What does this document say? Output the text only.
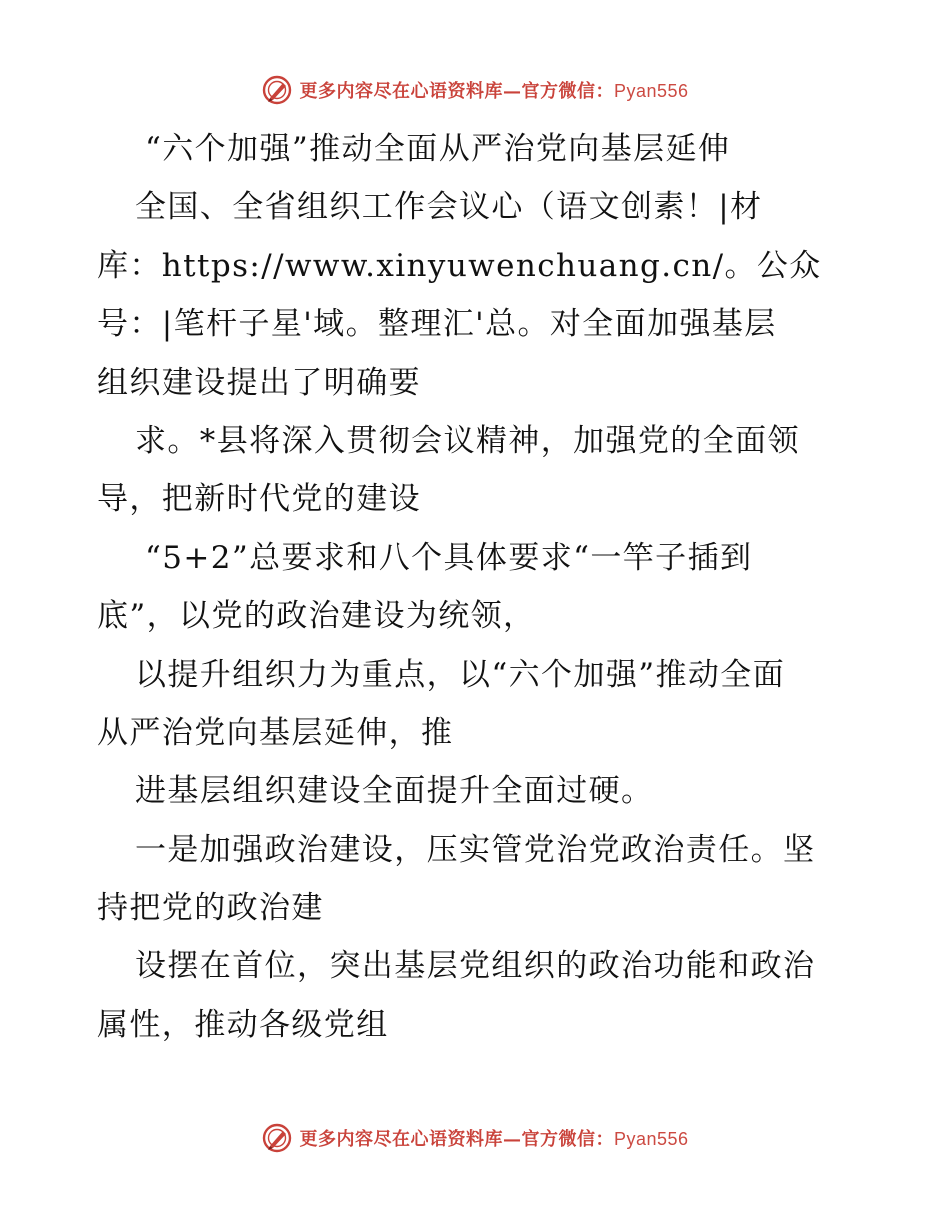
更多内容尽在心语资料库—官方微信：Pyan556
“六个加强”推动全面从严治党向基层延伸
全国、全省组织工作会议心（语文创素！|材
库：https://www.xinyuwenchuang.cn/。公众
号：|笔杆子星'域。整理汇'总。对全面加强基层
组织建设提出了明确要
求。*县将深入贯彻会议精神，加强党的全面领
导，把新时代党的建设
“5+2”总要求和八个具体要求“一竿子插到
底”，以党的政治建设为统领，
以提升组织力为重点，以“六个加强”推动全面
从严治党向基层延伸，推
进基层组织建设全面提升全面过硬。
一是加强政治建设，压实管党治党政治责任。坚
持把党的政治建
设摆在首位，突出基层党组织的政治功能和政治
属性，推动各级党组
更多内容尽在心语资料库—官方微信：Pyan556
